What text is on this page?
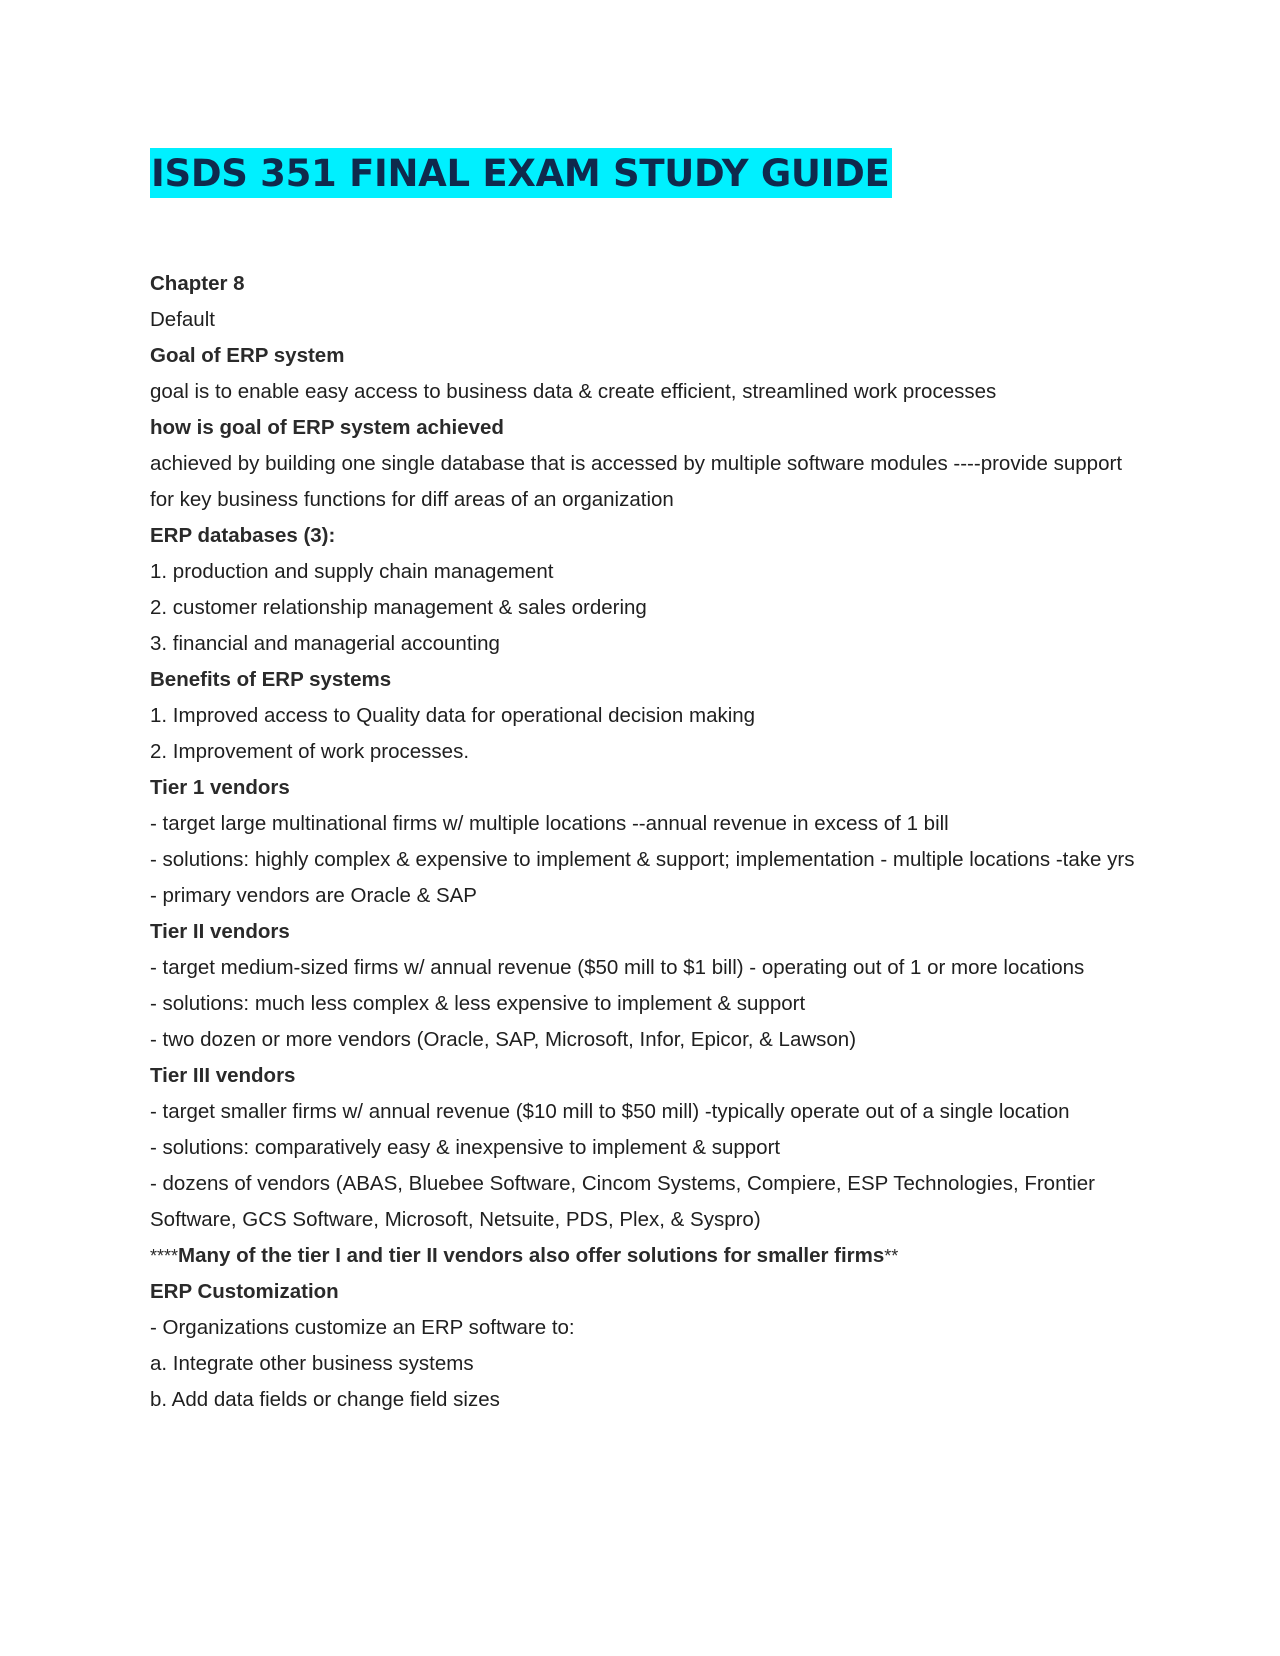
ISDS 351 FINAL EXAM STUDY GUIDE

Chapter 8

Default

Goal of ERP system

goal is to enable easy access to business data & create efficient, streamlined work processes

how is goal of ERP system achieved

achieved by building one single database that is accessed by multiple software modules ----provide support for key business functions for diff areas of an organization

ERP databases (3):

1. production and supply chain management

2. customer relationship management & sales ordering

3. financial and managerial accounting

Benefits of ERP systems

1. Improved access to Quality data for operational decision making

2. Improvement of work processes.

Tier 1 vendors

- target large multinational firms w/ multiple locations --annual revenue in excess of 1 bill

- solutions: highly complex & expensive to implement & support; implementation - multiple locations -take yrs

- primary vendors are Oracle & SAP

Tier II vendors

- target medium-sized firms w/ annual revenue ($50 mill to $1 bill) - operating out of 1 or more locations

- solutions: much less complex & less expensive to implement & support

- two dozen or more vendors (Oracle, SAP, Microsoft, Infor, Epicor, & Lawson)

Tier III vendors

- target smaller firms w/ annual revenue ($10 mill to $50 mill) -typically operate out of a single location

- solutions: comparatively easy & inexpensive to implement & support

- dozens of vendors (ABAS, Bluebee Software, Cincom Systems, Compiere, ESP Technologies, Frontier Software, GCS Software, Microsoft, Netsuite, PDS, Plex, & Syspro)

****Many of the tier I and tier II vendors also offer solutions for smaller firms**

ERP Customization

- Organizations customize an ERP software to:

a. Integrate other business systems

b. Add data fields or change field sizes
